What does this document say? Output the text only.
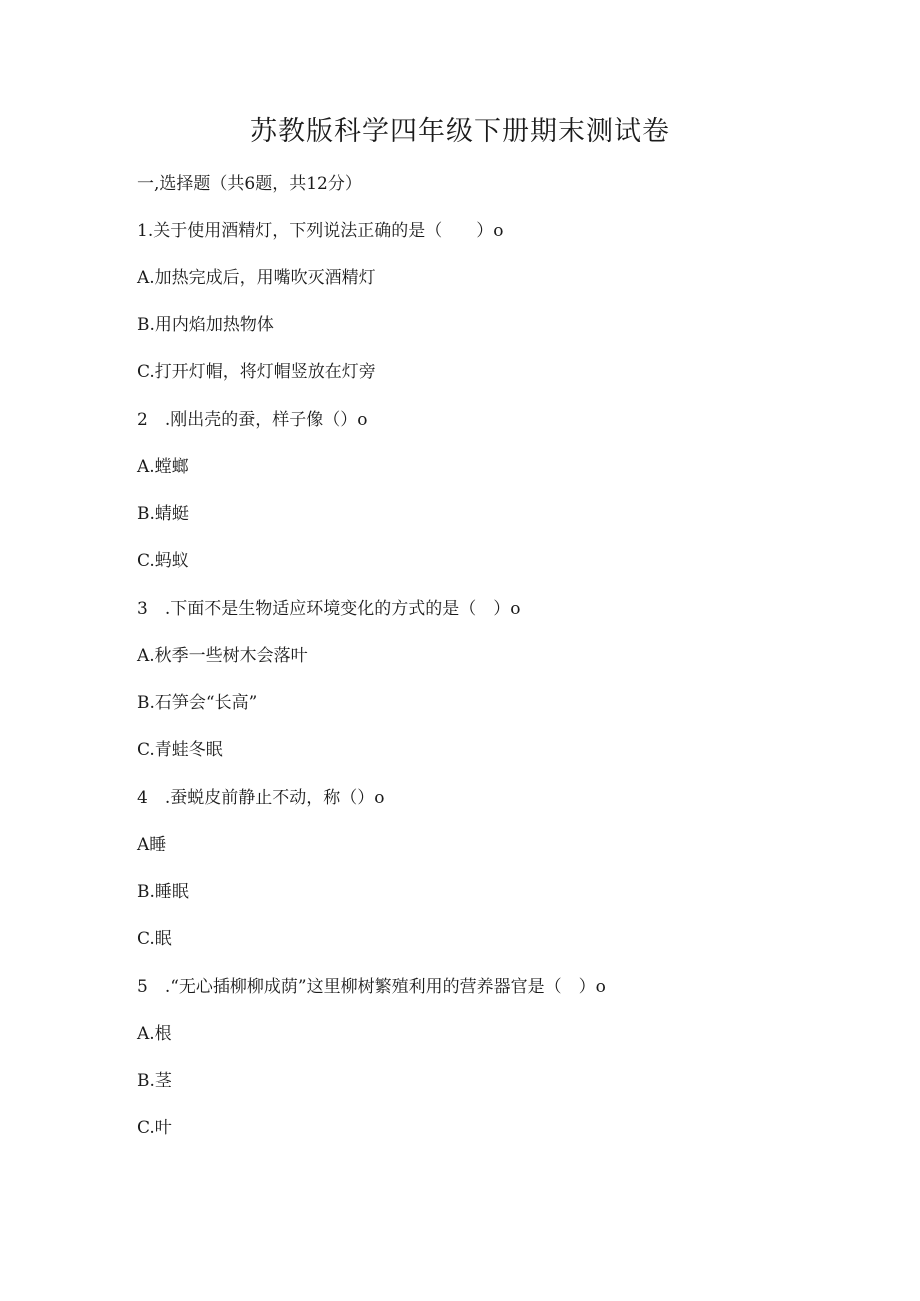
苏教版科学四年级下册期末测试卷
一,选择题（共6题，共12分）
1.关于使用酒精灯，下列说法正确的是（　　）o
A.加热完成后，用嘴吹灭酒精灯
B.用内焰加热物体
C.打开灯帽，将灯帽竖放在灯旁
2　.刚出壳的蚕，样子像（）o
A.螳螂
B.蜻蜓
C.蚂蚁
3　.下面不是生物适应环境变化的方式的是（　）o
A.秋季一些树木会落叶
B.石笋会“长高”
C.青蛙冬眠
4　.蚕蜕皮前静止不动，称（）o
A睡
B.睡眠
C.眠
5　.“无心插柳柳成荫”这里柳树繁殖利用的营养器官是（　）o
A.根
B.茎
C.叶
